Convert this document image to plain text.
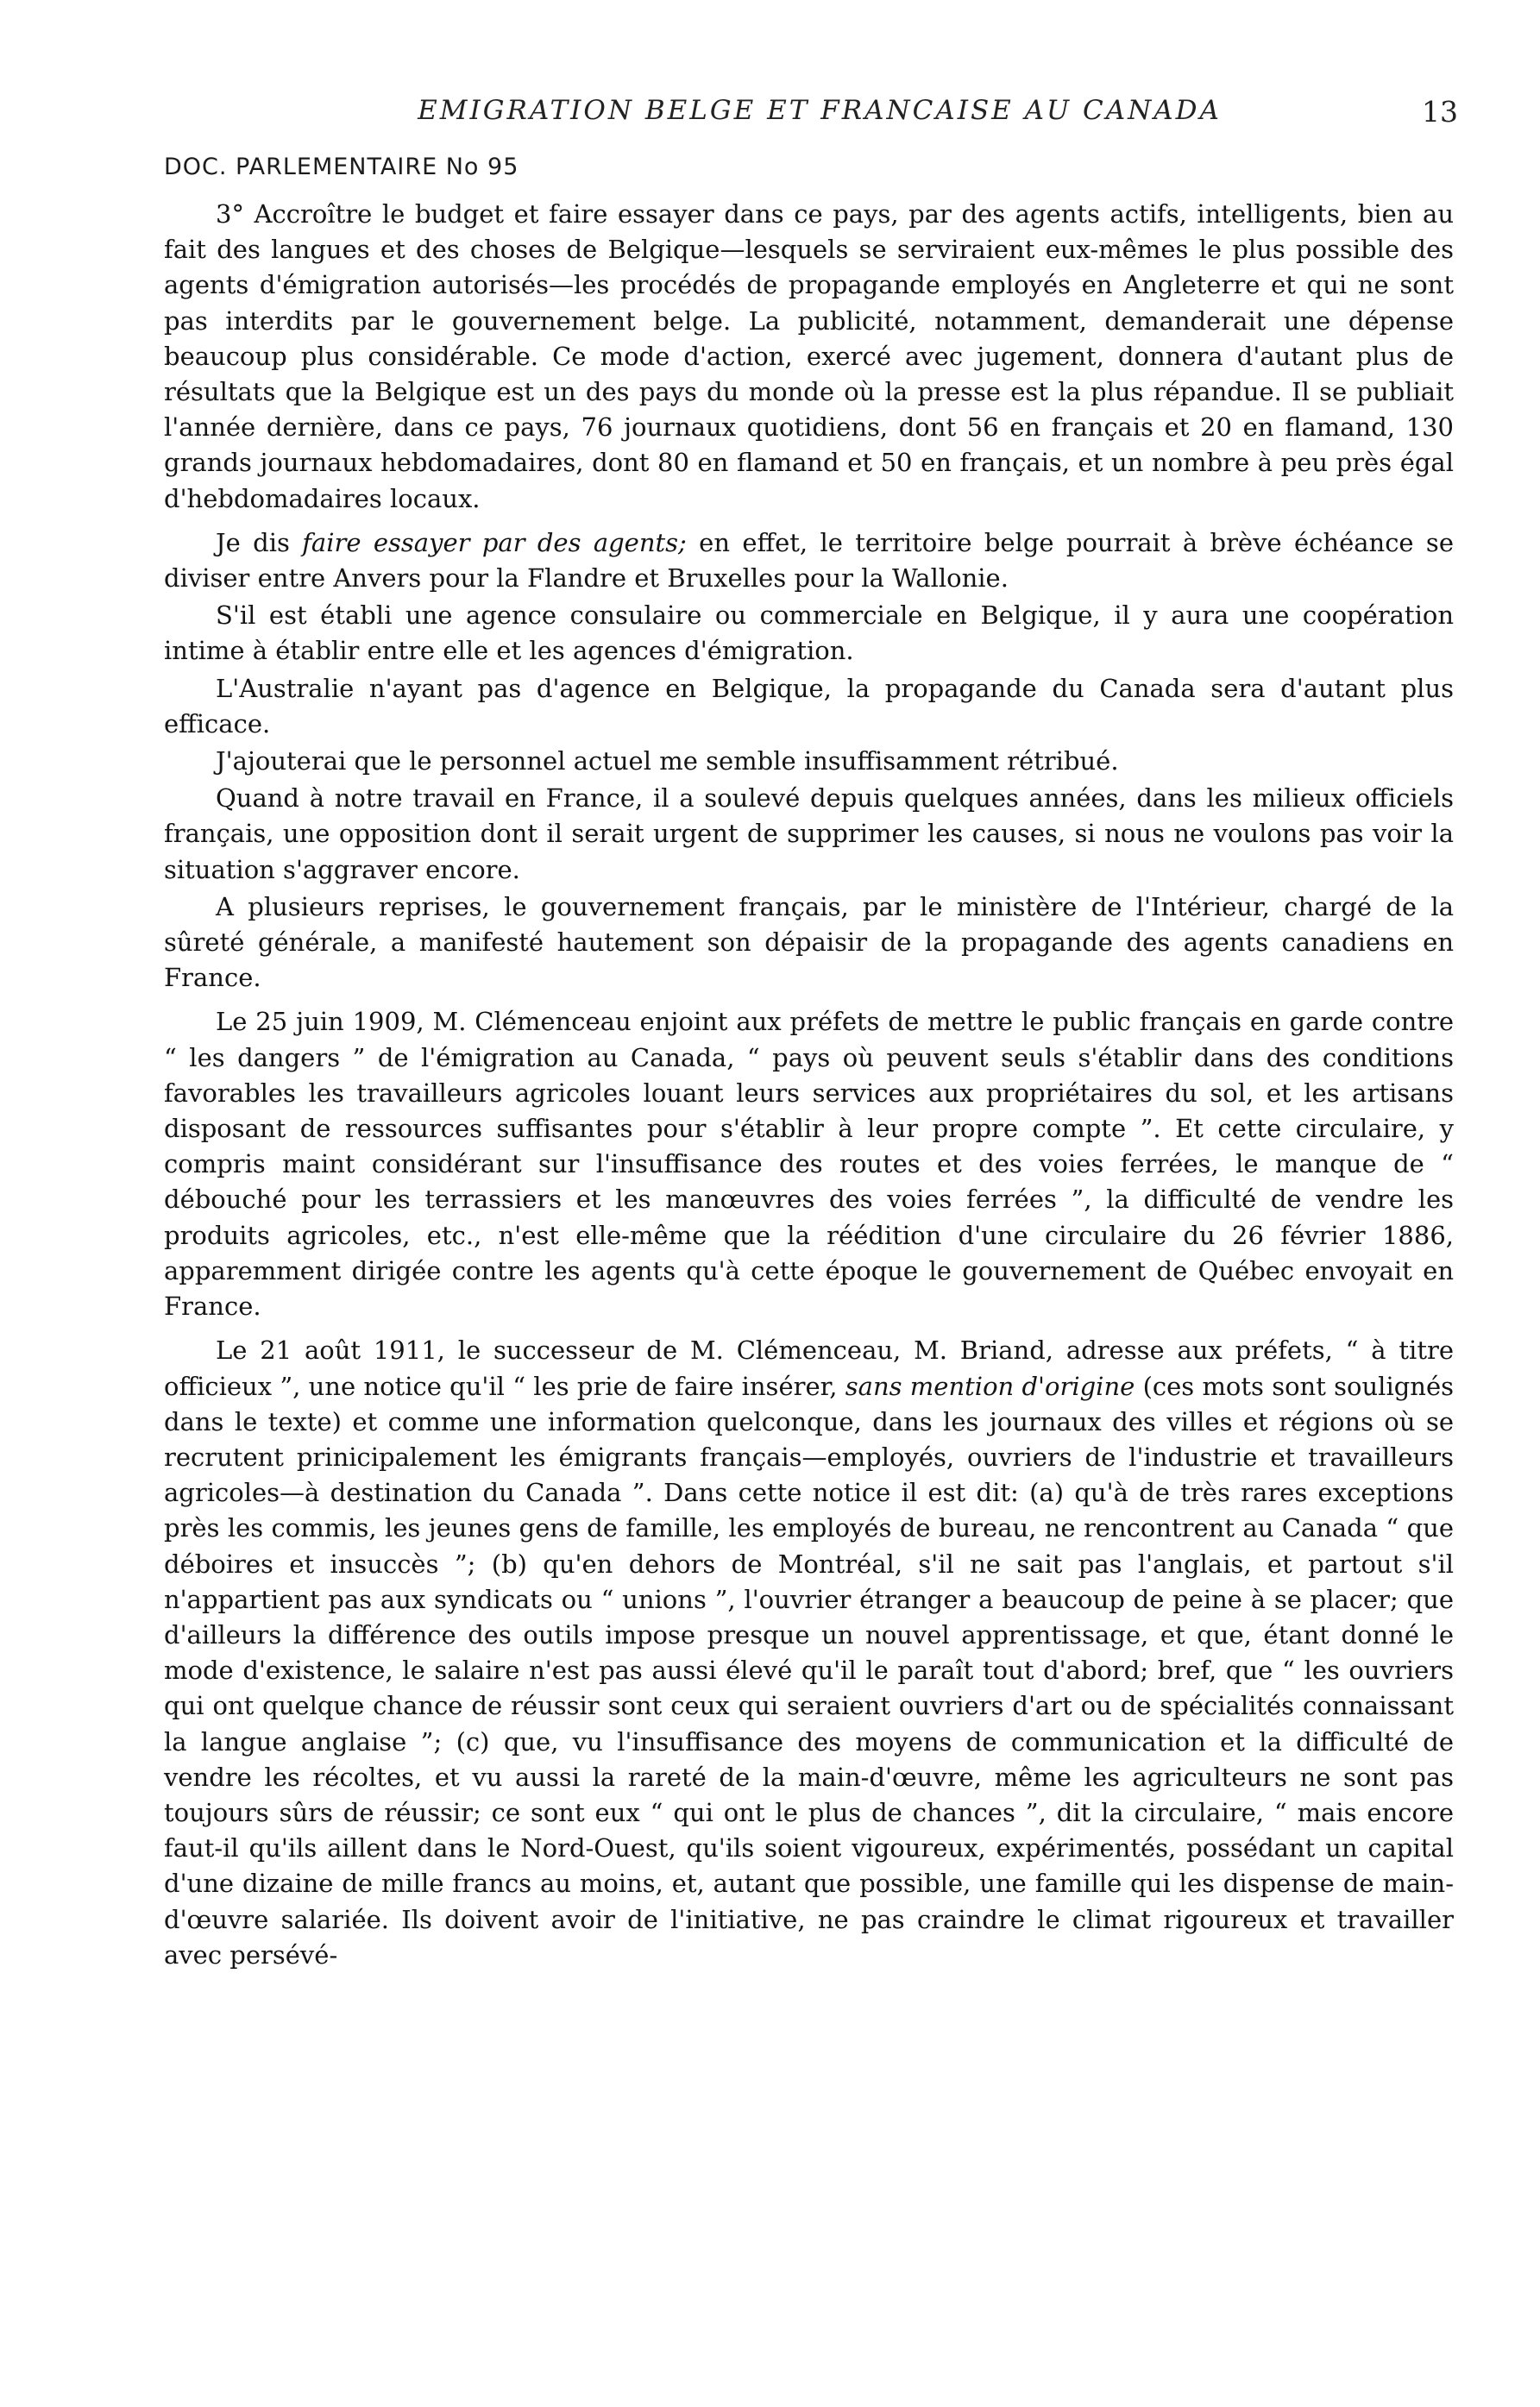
EMIGRATION BELGE ET FRANCAISE AU CANADA	13
DOC. PARLEMENTAIRE No 95

3° Accroître le budget et faire essayer dans ce pays, par des agents actifs, intelligents, bien au fait des langues et des choses de Belgique—lesquels se serviraient eux-mêmes le plus possible des agents d'émigration autorisés—les procédés de propagande employés en Angleterre et qui ne sont pas interdits par le gouvernement belge. La publicité, notamment, demanderait une dépense beaucoup plus considérable. Ce mode d'action, exercé avec jugement, donnera d'autant plus de résultats que la Belgique est un des pays du monde où la presse est la plus répandue. Il se publiait l'année dernière, dans ce pays, 76 journaux quotidiens, dont 56 en français et 20 en flamand, 130 grands journaux hebdomadaires, dont 80 en flamand et 50 en français, et un nombre à peu près égal d'hebdomadaires locaux.

Je dis faire essayer par des agents; en effet, le territoire belge pourrait à brève échéance se diviser entre Anvers pour la Flandre et Bruxelles pour la Wallonie.

S'il est établi une agence consulaire ou commerciale en Belgique, il y aura une coopération intime à établir entre elle et les agences d'émigration.

L'Australie n'ayant pas d'agence en Belgique, la propagande du Canada sera d'autant plus efficace.

J'ajouterai que le personnel actuel me semble insuffisamment rétribué.

Quand à notre travail en France, il a soulevé depuis quelques années, dans les milieux officiels français, une opposition dont il serait urgent de supprimer les causes, si nous ne voulons pas voir la situation s'aggraver encore.

A plusieurs reprises, le gouvernement français, par le ministère de l'Intérieur, chargé de la sûreté générale, a manifesté hautement son dépaisir de la propagande des agents canadiens en France.

Le 25 juin 1909, M. Clémenceau enjoint aux préfets de mettre le public français en garde contre “ les dangers ” de l'émigration au Canada, “ pays où peuvent seuls s'établir dans des conditions favorables les travailleurs agricoles louant leurs services aux propriétaires du sol, et les artisans disposant de ressources suffisantes pour s'établir à leur propre compte ”. Et cette circulaire, y compris maint considérant sur l'insuffisance des routes et des voies ferrées, le manque de “ débouché pour les terrassiers et les manœuvres des voies ferrées ”, la difficulté de vendre les produits agricoles, etc., n'est elle-même que la réédition d'une circulaire du 26 février 1886, apparemment dirigée contre les agents qu'à cette époque le gouvernement de Québec envoyait en France.

Le 21 août 1911, le successeur de M. Clémenceau, M. Briand, adresse aux préfets, “ à titre officieux ”, une notice qu'il “ les prie de faire insérer, sans mention d'origine (ces mots sont soulignés dans le texte) et comme une information quelconque, dans les journaux des villes et régions où se recrutent prinicipalement les émigrants français—employés, ouvriers de l'industrie et travailleurs agricoles—à destination du Canada ”. Dans cette notice il est dit: (a) qu'à de très rares exceptions près les commis, les jeunes gens de famille, les employés de bureau, ne rencontrent au Canada “ que déboires et insuccès ”; (b) qu'en dehors de Montréal, s'il ne sait pas l'anglais, et partout s'il n'appartient pas aux syndicats ou “ unions ”, l'ouvrier étranger a beaucoup de peine à se placer; que d'ailleurs la différence des outils impose presque un nouvel apprentissage, et que, étant donné le mode d'existence, le salaire n'est pas aussi élevé qu'il le paraît tout d'abord; bref, que “ les ouvriers qui ont quelque chance de réussir sont ceux qui seraient ouvriers d'art ou de spécialités connaissant la langue anglaise ”; (c) que, vu l'insuffisance des moyens de communication et la difficulté de vendre les récoltes, et vu aussi la rareté de la main-d'œuvre, même les agriculteurs ne sont pas toujours sûrs de réussir; ce sont eux “ qui ont le plus de chances ”, dit la circulaire, “ mais encore faut-il qu'ils aillent dans le Nord-Ouest, qu'ils soient vigoureux, expérimentés, possédant un capital d'une dizaine de mille francs au moins, et, autant que possible, une famille qui les dispense de main-d'œuvre salariée. Ils doivent avoir de l'initiative, ne pas craindre le climat rigoureux et travailler avec persévé-
